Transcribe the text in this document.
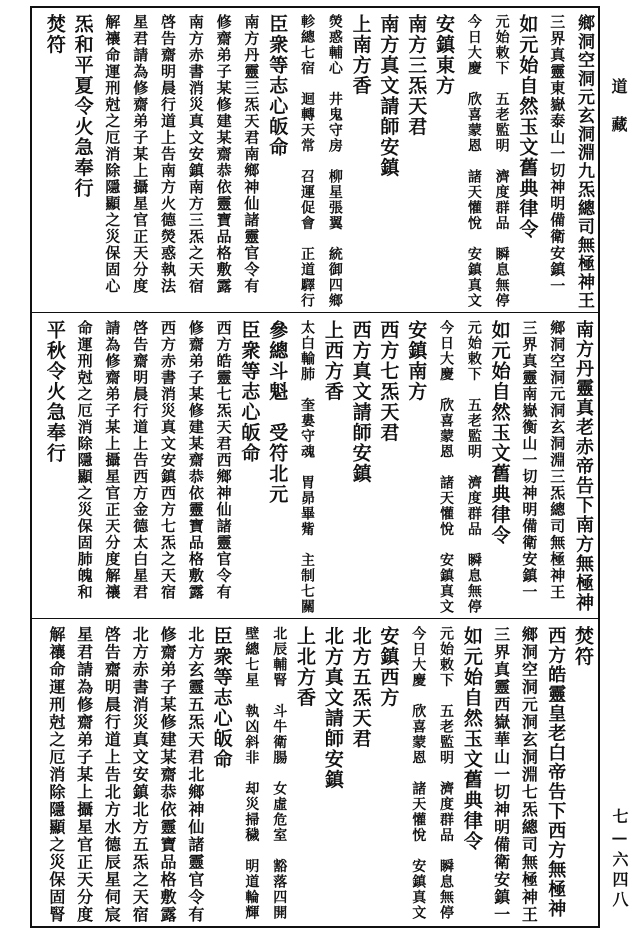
道藏
七—六四八
鄉洞空洞元玄洞淵九炁總司無極神王
三界真靈東嶽泰山一切神明備衛安鎮一
如元始自然玉文舊典律令
元始敕下　五老監明　濟度群品　瞬息無停
今日大慶　欣喜蒙恩　諸天懽悅　安鎮真文
安鎮東方
南方三炁天君
南方真文請師安鎮
上南方香
熒惑輔心　井鬼守房　柳星張翼　統御四鄉
軫總七宿　迴轉天常　召運促會　正道驛行
臣衆等志心皈命
南方丹靈三炁天君南鄉神仙諸靈官令有
修齋弟子某修建某齋恭依靈寶品格敷露
南方赤書消災真文安鎮南方三炁之天宿
啓告齋明晨行道上告南方火德熒惑執法
星君請為修齋弟子某上攝星官正天分度
解禳命運刑尅之厄消除隱顯之災保固心
炁和平夏令火急奉行
焚符
南方丹靈真老赤帝告下南方無極神
鄉洞空洞元洞玄洞淵三炁總司無極神王
三界真靈南嶽衡山一切神明備衛安鎮一
如元始自然玉文舊典律令
元始敕下　五老監明　濟度群品　瞬息無停
今日大慶　欣喜蒙恩　諸天懽悅　安鎮真文
安鎮南方
西方七炁天君
西方真文請師安鎮
上西方香
太白輸肺　奎婁守魂　胃昴畢觜　主制七關
參總斗魁　受符北元
臣衆等志心皈命
西方皓靈七炁天君西鄉神仙諸靈官令有
修齋弟子某修建某齋恭依靈寶品格敷露
西方赤書消災真文安鎮西方七炁之天宿
啓告齋明晨行道上告西方金德太白星君
請為修齋弟子某上攝星官正天分度解禳
命運刑尅之厄消除隱顯之災保固肺魄和
平秋令火急奉行
焚符
西方皓靈皇老白帝告下西方無極神
鄉洞空洞元洞玄洞淵七炁總司無極神王
三界真靈西嶽華山一切神明備衛安鎮一
如元始自然玉文舊典律令
元始敕下　五老監明　濟度群品　瞬息無停
今日大慶　欣喜蒙恩　諸天懽悅　安鎮真文
安鎮西方
北方五炁天君
北方真文請師安鎮
上北方香
北辰輔腎　斗牛衛腸　女虛危室　豁落四開
壁總七星　執凶斜非　却災掃穢　明道輪輝
臣衆等志心皈命
北方玄靈五炁天君北鄉神仙諸靈官令有
修齋弟子某修建某齋恭依靈寶品格敷露
北方赤書消災真文安鎮北方五炁之天宿
啓告齋明晨行道上告北方水德辰星伺宸
星君請為修齋弟子某上攝星官正天分度
解禳命運刑尅之厄消除隱顯之災保固腎
